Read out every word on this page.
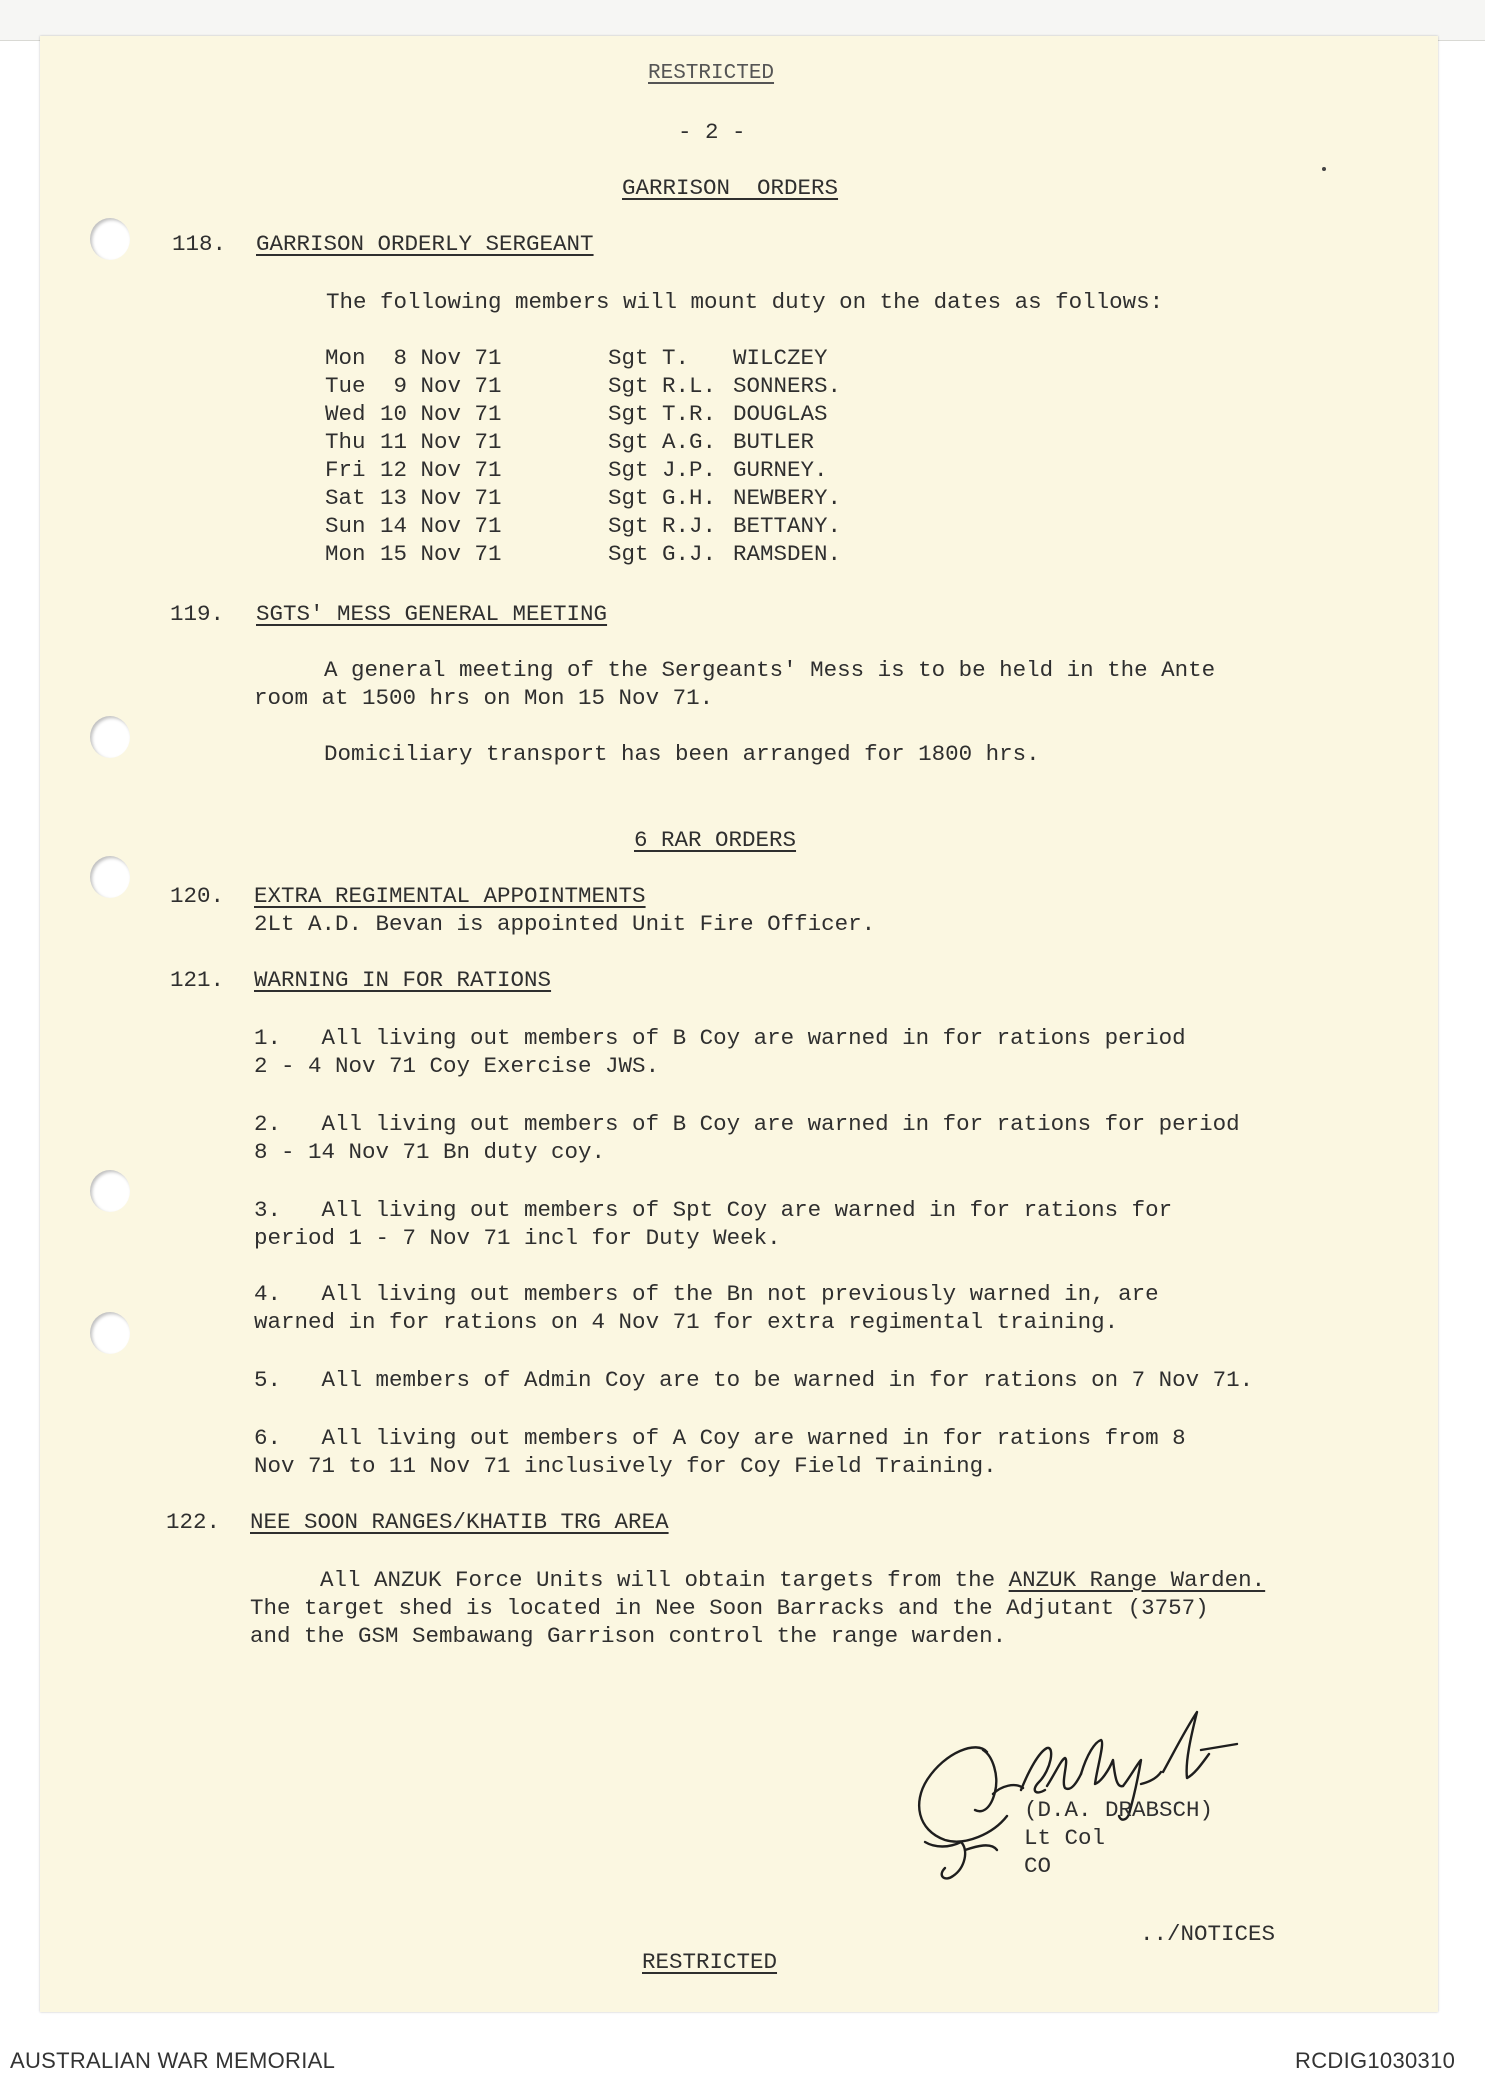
RESTRICTED
- 2 -
GARRISON  ORDERS
118. GARRISON ORDERLY SERGEANT
The following members will mount duty on the dates as follows:
Mon 8 Nov 71	Sgt T. WILCZEY
Tue 9 Nov 71	Sgt R.L. SONNERS.
Wed 10 Nov 71	Sgt T.R. DOUGLAS
Thu 11 Nov 71	Sgt A.G. BUTLER
Fri 12 Nov 71	Sgt J.P. GURNEY.
Sat 13 Nov 71	Sgt G.H. NEWBERY.
Sun 14 Nov 71	Sgt R.J. BETTANY.
Mon 15 Nov 71	Sgt G.J. RAMSDEN.
119. SGTS' MESS GENERAL MEETING
A general meeting of the Sergeants' Mess is to be held in the Ante
room at 1500 hrs on Mon 15 Nov 71.
Domiciliary transport has been arranged for 1800 hrs.
6 RAR ORDERS
120. EXTRA REGIMENTAL APPOINTMENTS
2Lt A.D. Bevan is appointed Unit Fire Officer.
121. WARNING IN FOR RATIONS
1.   All living out members of B Coy are warned in for rations period
2 - 4 Nov 71 Coy Exercise JWS.
2.   All living out members of B Coy are warned in for rations for period
8 - 14 Nov 71 Bn duty coy.
3.   All living out members of Spt Coy are warned in for rations for
period 1 - 7 Nov 71 incl for Duty Week.
4.   All living out members of the Bn not previously warned in, are
warned in for rations on 4 Nov 71 for extra regimental training.
5.   All members of Admin Coy are to be warned in for rations on 7 Nov 71.
6.   All living out members of A Coy are warned in for rations from 8
Nov 71 to 11 Nov 71 inclusively for Coy Field Training.
122. NEE SOON RANGES/KHATIB TRG AREA
All ANZUK Force Units will obtain targets from the ANZUK Range Warden.
The target shed is located in Nee Soon Barracks and the Adjutant (3757)
and the GSM Sembawang Garrison control the range warden.
(D.A. DRABSCH)
Lt Col
CO
../NOTICES
RESTRICTED
AUSTRALIAN WAR MEMORIAL	RCDIG1030310
